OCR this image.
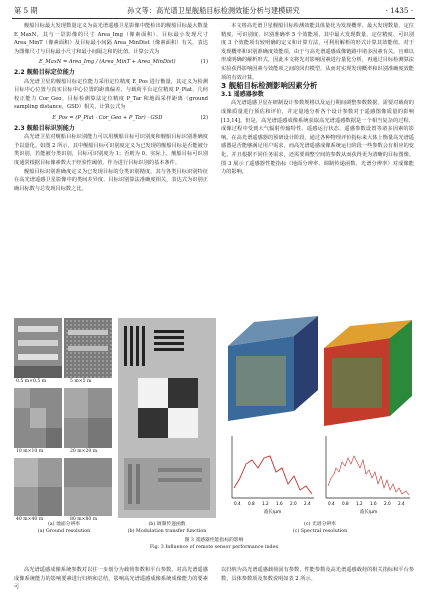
第 5 期	孙文等：高光谱卫星舰船目标检测效能分析与建模研究	· 1435 ·

舰船目标最大发现数量定义为高光谱遥感卫星影像中能检出的舰船目标最大数量 E_MaxN，其与一景影像的尺寸 Area_Img（像素面积）、目标最小发现尺寸 Area_MinT（像素面积）及目标最小间隔 Area_MinDist（像素面积）有关，表达为图像尺寸与目标最小尺寸和最小间隔之和的比值，计算公式为

E_MaxN = Area_Img / (Area_MinT + Area_MinDist)	(1)

2.2 舰船目标定位能力

高光谱卫星的舰船目标定位能力采用定位精度 E_Pos 进行衡量，其定义为检测目标中心位置与真实目标中心位置的距离偏差，与载荷平台定位精度 P_Plat、几何校正能力 Cor_Geo、目标检测算法定位精度 P_Tar 和地面采样距离（ground sampling distance，GSD）相关，计算公式为

E_Pos = (P_Plat · Cor_Geo + P_Tar) · GSD	(2)

2.3 舰船目标识别能力

高光谱卫星对舰船目标识别能力可以用舰船目标可识别度和舰船目标识别准确度予以量化。如图 2 所示，其中舰船目标可识别度定义为已发现的舰船目标是否能被分类识别，若能被分类识别，目标可识别度为 1；否则为 0。实际上，舰船目标可识别度通常根据目标像素数大于经验性阈值，作为进行目标识别的基本条件。

舰船目标识别准确度定义为已发现目标的分类识别精度，其与各类目标识别特征在高光谱遥感卫星影像中的类间差异度、目标识别算法准确度相关，表达式为识别正确目标数与总发现目标数之比。

本文将高光谱卫星舰船目标检测效能具体量化为发现概率、最大发现数量、定位精度、可识别度、识别准确率 5 个效能项，其中最大发现数量、定位精度、可识别度 3 个效能项有较明确的定义和计算方法，可利用解析的形式计算其效能值。对于发现概率和识别准确度效能项，由于与高光谱遥感成像链路中诸多因素有关，且难以形成明确的解析形式，因此本文将先对影响因素进行量化分析，再通过目标检测算法实验获得影响因素与效能项之间的回归模型，从而对实现发现概率和识别准确度效能项的有效计算。

3 舰船目标检测影响因素分析

3.1 遥感器参数

高光谱遥感卫星在研制设计参数规格以及运行期间调整参数数据，需要对载荷的成像质量进行预估和评价，并定量地分析各个设计参数对于遥感图像质量的影响[13,14]。但是，高光谱遥感成像系统获取高光谱遥感数据是一个相当复杂的过程，成像过程中受到大气辐射传输特性、遥感运行状态、遥感参数设置等诸多因素的影响。在高光谱遥感器的预研设计阶段，通过各种物理评价指标来大体上衡量高光谱遥感器是否能够满足用户需求，而高光谱遥感成像系统运行阶段一些参数会有相应的变化，并且根据不同任务需求，还需要调整空间的参数从而获得更为清晰的目标图像。图 3 展示了遥感器性能指标（地面分辨率、调制传递函数、光谱分辨率）对成像能力的影响。

0.5 m×0.5 m	5 m×5 m
10 m×10 m	20 m×20 m
40 m×40 m	80 m×80 m
0.4 0.8 1.2 1.6 2.0 2.4
波长/μm
0.4 0.8 1.2 1.6 2.0 2.4
波长/μm
(a) 地面分辨率
(a) Ground resolution
(b) 调制传递函数
(b) Modulation transfer function
(c) 光谱分辨率
(c) Spectral resolution
图 3 遥感器性能指标的影响
Fig. 3 Influence of remote sensor performance index

高光谱遥感成像系统参数对以往一步划分为载荷参数和平台参数。对高光谱遥感成像系统能力的影响要素进行归纳和总结，影响高光谱遥感成像系统成像能力的要素可

以归纳为高光谱遥感载荷固有参数、性能参数及高光谱遥感载荷的相关指标和平台参数，具体参数项及参数说明如表 2 所示。
